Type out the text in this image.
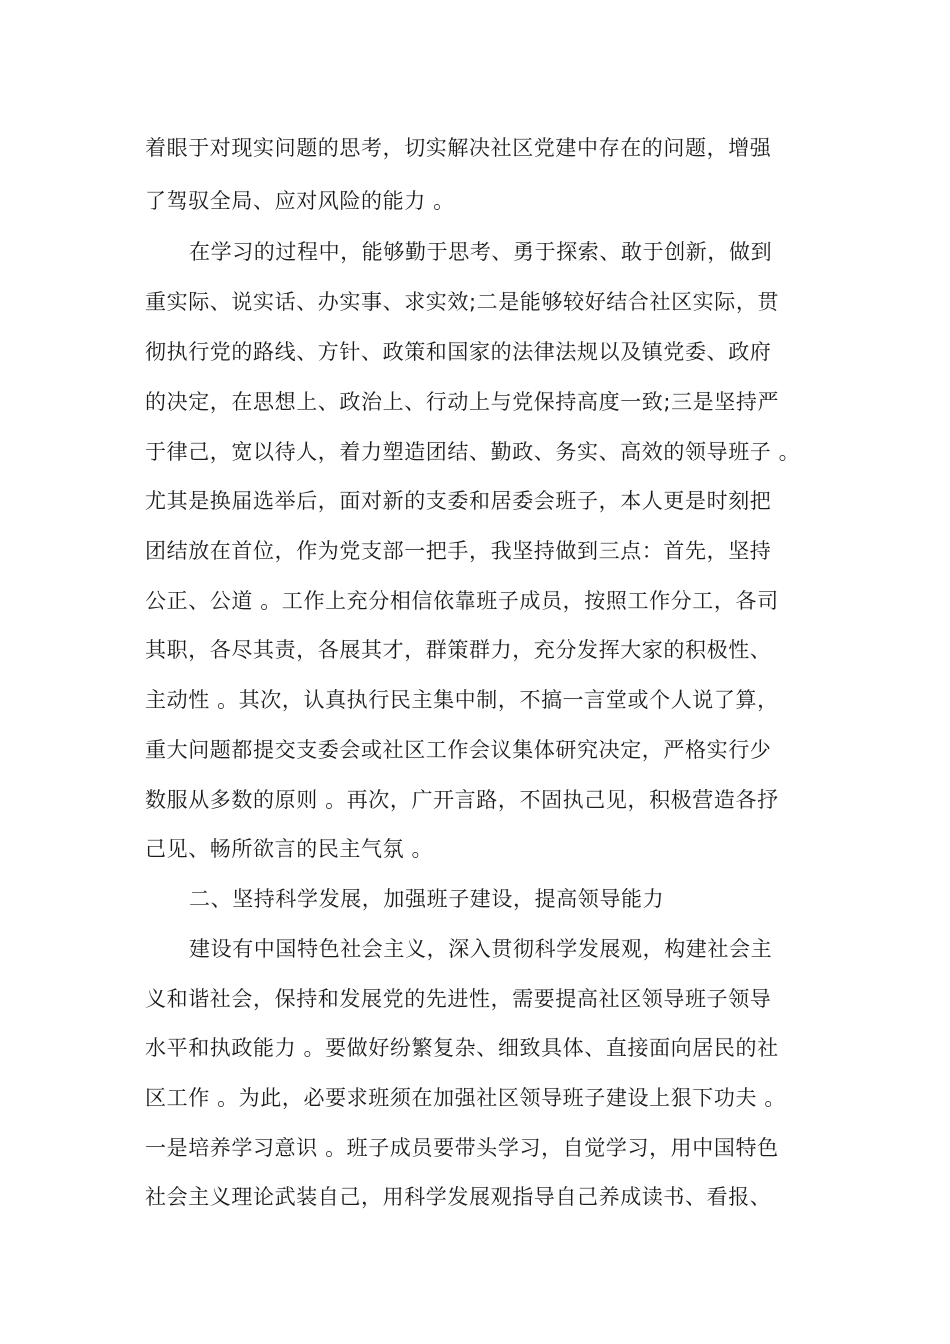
着眼于对现实问题的思考，切实解决社区党建中存在的问题，增强
了驾驭全局、应对风险的能力 。
在学习的过程中，能够勤于思考、勇于探索、敢于创新，做到
重实际、说实话、办实事、求实效;二是能够较好结合社区实际，贯
彻执行党的路线、方针、政策和国家的法律法规以及镇党委、政府
的决定，在思想上、政治上、行动上与党保持高度一致;三是坚持严
于律己，宽以待人，着力塑造团结、勤政、务实、高效的领导班子 。
尤其是换届选举后，面对新的支委和居委会班子，本人更是时刻把
团结放在首位，作为党支部一把手，我坚持做到三点：首先，坚持
公正、公道 。工作上充分相信依靠班子成员，按照工作分工，各司
其职，各尽其责，各展其才，群策群力，充分发挥大家的积极性、
主动性 。其次，认真执行民主集中制，不搞一言堂或个人说了算，
重大问题都提交支委会或社区工作会议集体研究决定，严格实行少
数服从多数的原则 。再次，广开言路，不固执己见，积极营造各抒
己见、畅所欲言的民主气氛 。
二、坚持科学发展，加强班子建设，提高领导能力
建设有中国特色社会主义，深入贯彻科学发展观，构建社会主
义和谐社会，保持和发展党的先进性，需要提高社区领导班子领导
水平和执政能力 。要做好纷繁复杂、细致具体、直接面向居民的社
区工作 。为此，必要求班须在加强社区领导班子建设上狠下功夫 。
一是培养学习意识 。班子成员要带头学习，自觉学习，用中国特色
社会主义理论武装自己，用科学发展观指导自己养成读书、看报、
